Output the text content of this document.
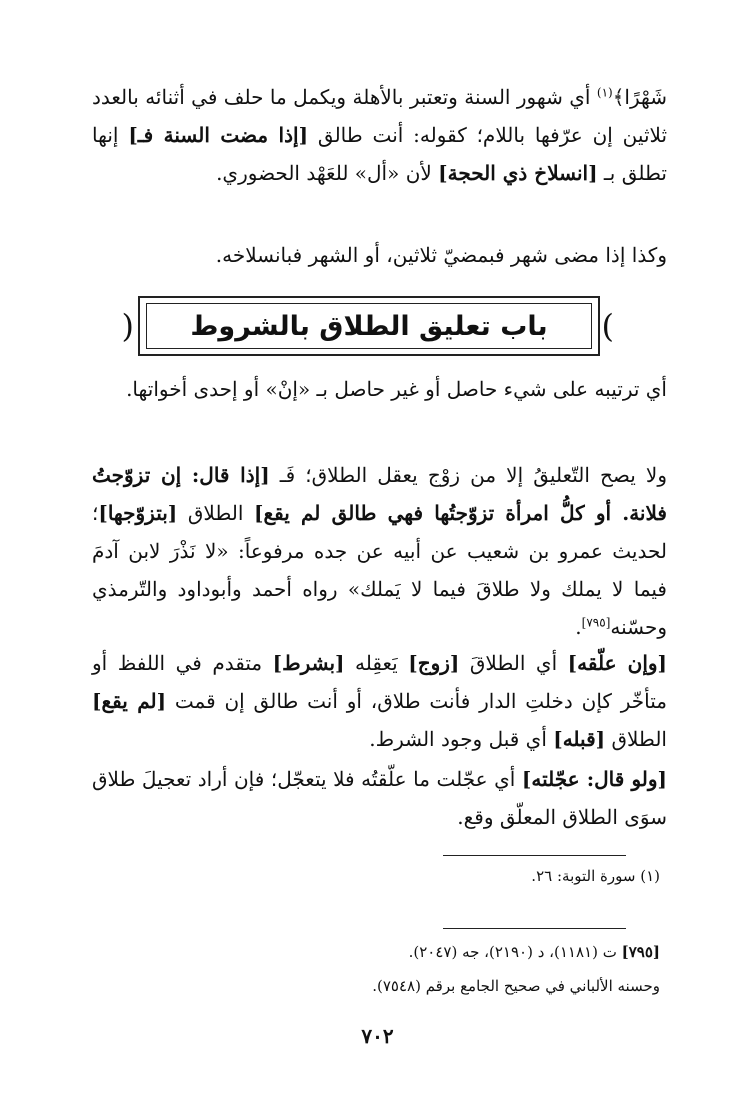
شَهْرًا﴾$^{(١)}$ أي شهور السنة وتعتبر بالأهلة ويكمل ما حلف في أثنائه بالعدد ثلاثين إن عرّفها باللام؛ كقوله: أنت طالق [إذا مضت السنة فـ] إنها تطلق بـ [انسلاخ ذي الحجة] لأن «أل» للعَهْد الحضوري.
وكذا إذا مضى شهر فبمضيّ ثلاثين، أو الشهر فبانسلاخه.
(	)
باب تعليق الطلاق بالشروط
أي ترتيبه على شيء حاصل أو غير حاصل بـ «إنْ» أو إحدى أخواتها.
ولا يصح التّعليقُ إلا من زوْج يعقل الطلاق؛ فَـ [إذا قال: إن تزوّجتُ فلانة. أو كلُّ امرأة تزوّجتُها فهي طالق لم يقع] الطلاق [بتزوّجها]؛ لحديث عمرو بن شعيب عن أبيه عن جده مرفوعاً: «لا نَذْرَ لابن آدمَ فيما لا يملك ولا طلاقَ فيما لا يَملك» رواه أحمد وأبوداود والتّرمذي وحسّنه[٧٩٥].
[وإن علّقه] أي الطلاقَ [زوج] يَعقِله [بشرط] متقدم في اللفظ أو متأخّر كإن دخلتِ الدار فأنت طلاق، أو أنت طالق إن قمت [لم يقع] الطلاق [قبله] أي قبل وجود الشرط.
[ولو قال: عجّلته] أي عجّلت ما علّقتُه فلا يتعجّل؛ فإن أراد تعجيلَ طلاق سوَى الطلاق المعلّق وقع.
(١) سورة التوبة: ٢٦.
[٧٩٥] ت (١١٨١)، د (٢١٩٠)، جه (٢٠٤٧).
وحسنه الألباني في صحيح الجامع برقم (٧٥٤٨).
٧٠٢
